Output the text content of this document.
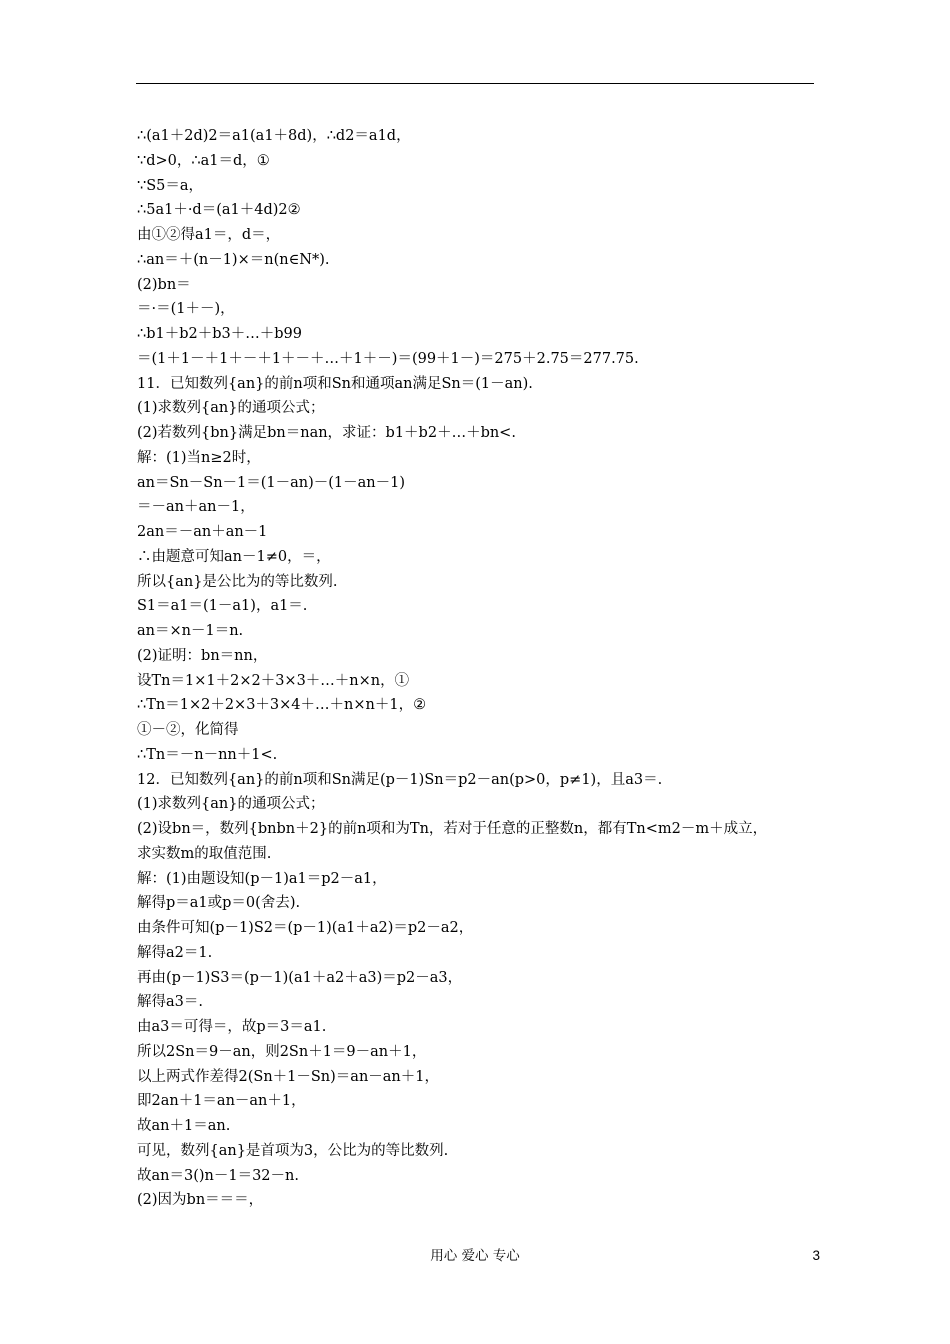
∴(a1＋2d)2＝a1(a1＋8d)，∴d2＝a1d，
∵d>0，∴a1＝d，①
∵S5＝a，
∴5a1＋·d＝(a1＋4d)2②
由①②得a1＝，d＝，
∴an＝＋(n－1)×＝n(n∈N*).
(2)bn＝
＝·＝(1＋－)，
∴b1＋b2＋b3＋…＋b99
＝(1＋1－＋1＋－＋1＋－＋…＋1＋－)＝(99＋1－)＝275＋2.75＝277.75.
11．已知数列{an}的前n项和Sn和通项an满足Sn＝(1－an).
(1)求数列{an}的通项公式；
(2)若数列{bn}满足bn＝nan，求证：b1＋b2＋…＋bn<.
解：(1)当n≥2时，
an＝Sn－Sn－1＝(1－an)－(1－an－1)
＝－an＋an－1，
2an＝－an＋an－1
∴由题意可知an－1≠0，＝，
所以{an}是公比为的等比数列.
S1＝a1＝(1－a1)，a1＝.
an＝×n－1＝n.
(2)证明：bn＝nn，
设Tn＝1×1＋2×2＋3×3＋…＋n×n，①
∴Tn＝1×2＋2×3＋3×4＋…＋n×n＋1，②
①－②，化简得
∴Tn＝－n－nn＋1<.
12．已知数列{an}的前n项和Sn满足(p－1)Sn＝p2－an(p>0，p≠1)，且a3＝.
(1)求数列{an}的通项公式；
(2)设bn＝，数列{bnbn＋2}的前n项和为Tn，若对于任意的正整数n，都有Tn<m2－m＋成立，
求实数m的取值范围.
解：(1)由题设知(p－1)a1＝p2－a1，
解得p＝a1或p＝0(舍去).
由条件可知(p－1)S2＝(p－1)(a1＋a2)＝p2－a2，
解得a2＝1.
再由(p－1)S3＝(p－1)(a1＋a2＋a3)＝p2－a3，
解得a3＝.
由a3＝可得＝，故p＝3＝a1.
所以2Sn＝9－an，则2Sn＋1＝9－an＋1，
以上两式作差得2(Sn＋1－Sn)＝an－an＋1，
即2an＋1＝an－an＋1，
故an＋1＝an.
可见，数列{an}是首项为3，公比为的等比数列.
故an＝3()n－1＝32－n.
(2)因为bn＝＝＝，
用心 爱心 专心	3
